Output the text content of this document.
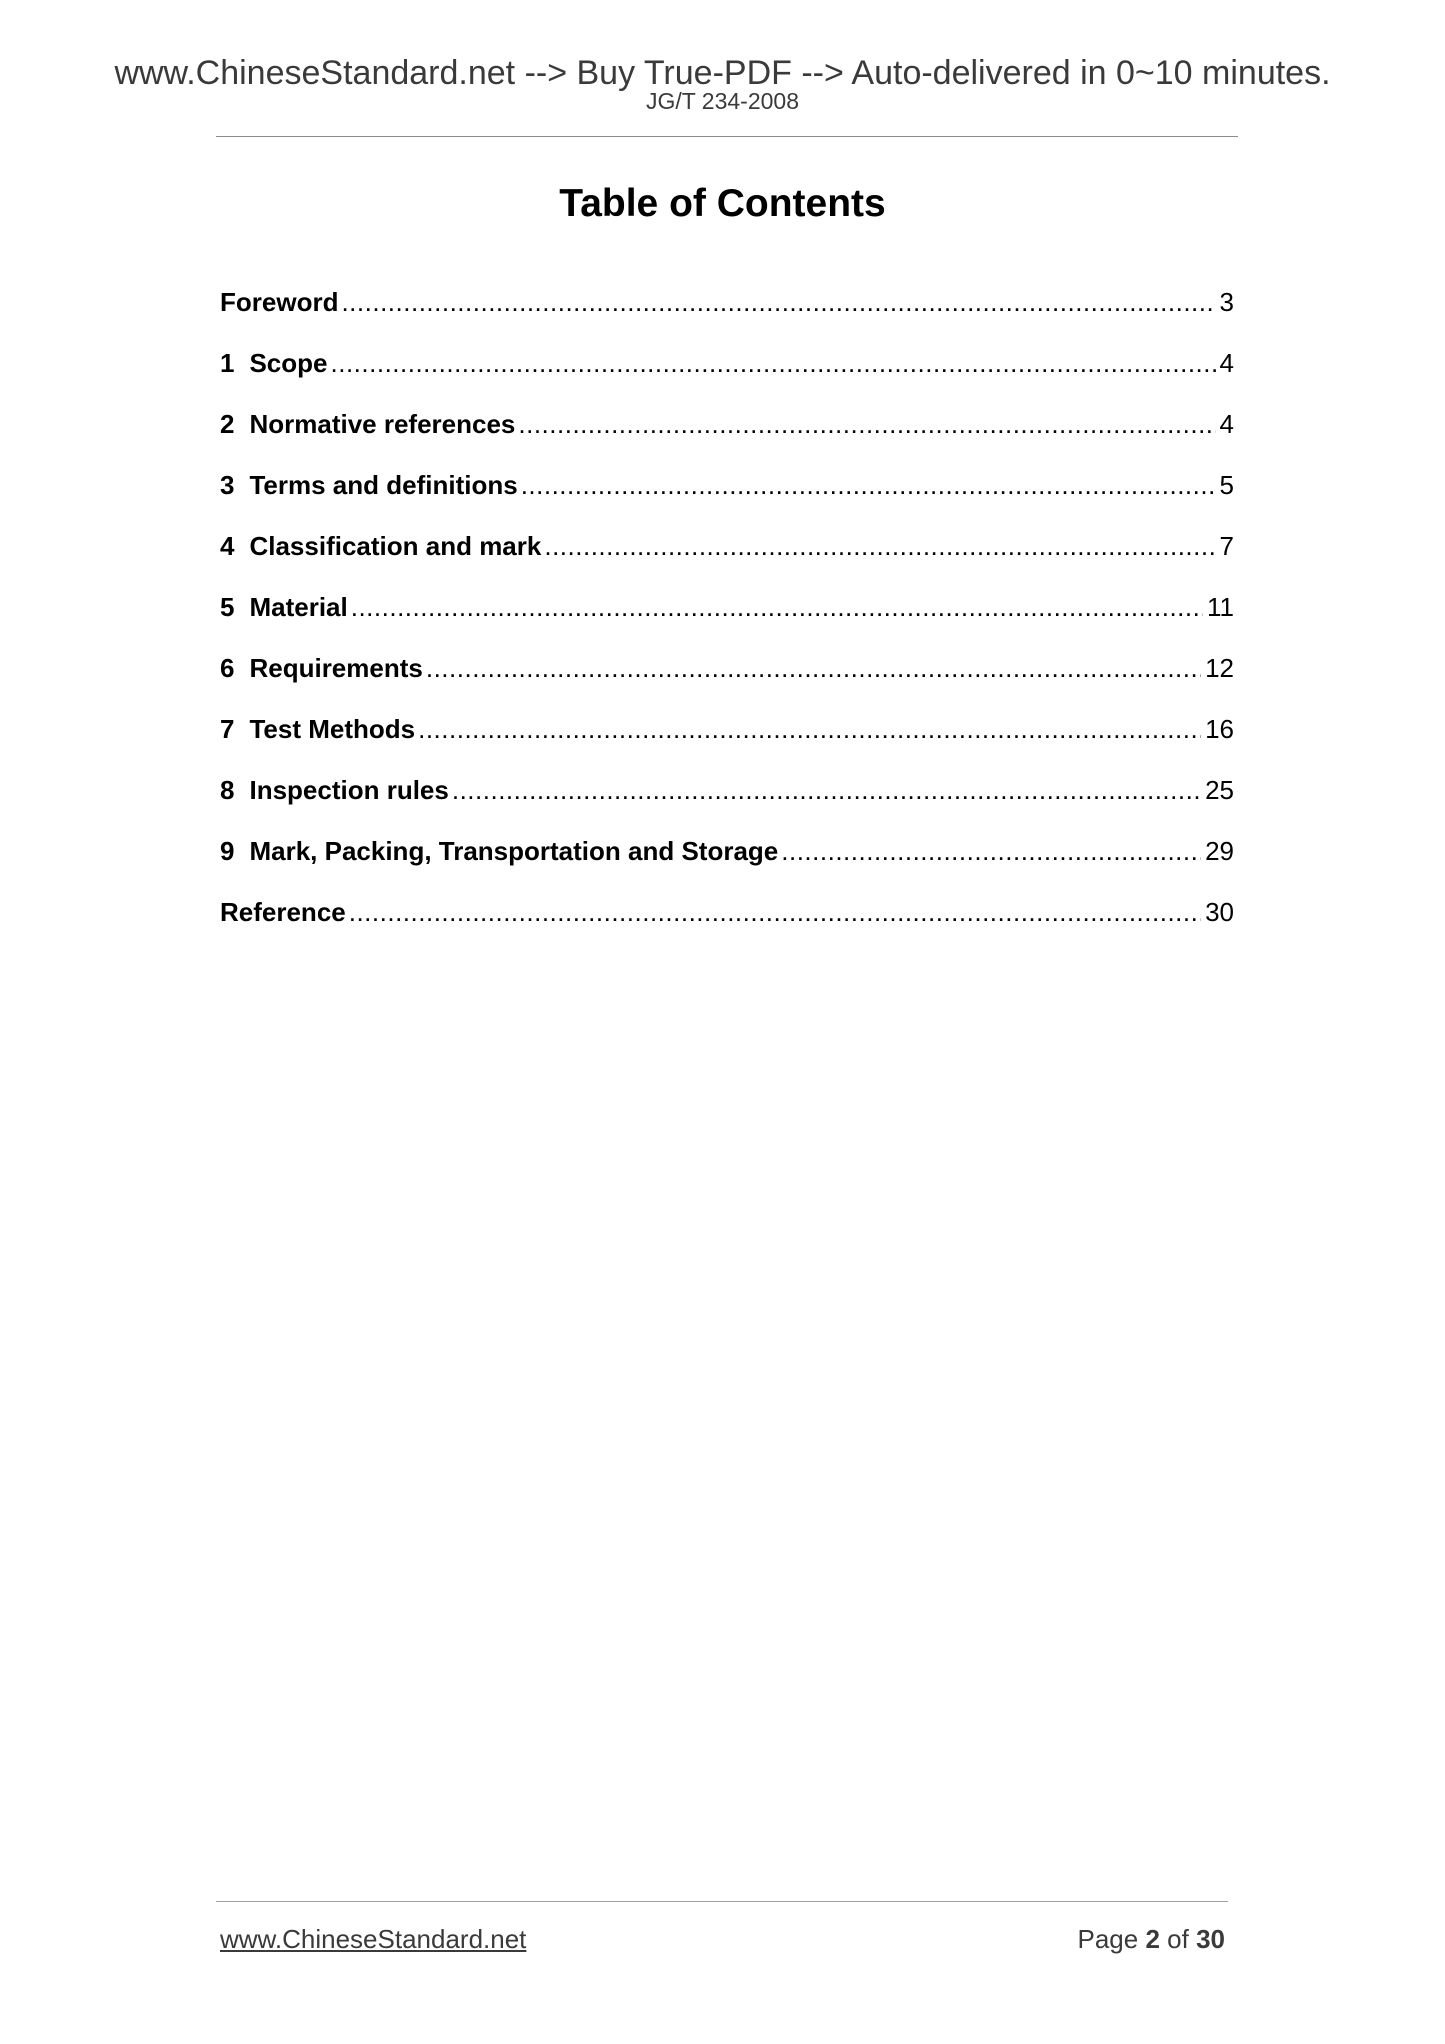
www.ChineseStandard.net --> Buy True-PDF --> Auto-delivered in 0~10 minutes.
JG/T 234-2008
Table of Contents
Foreword .....	3
1 Scope .....	4
2 Normative references .....	4
3 Terms and definitions .....	5
4 Classification and mark .....	7
5 Material .....	11
6 Requirements .....	12
7 Test Methods .....	16
8 Inspection rules .....	25
9 Mark, Packing, Transportation and Storage .....	29
Reference .....	30
www.ChineseStandard.net	Page 2 of 30
